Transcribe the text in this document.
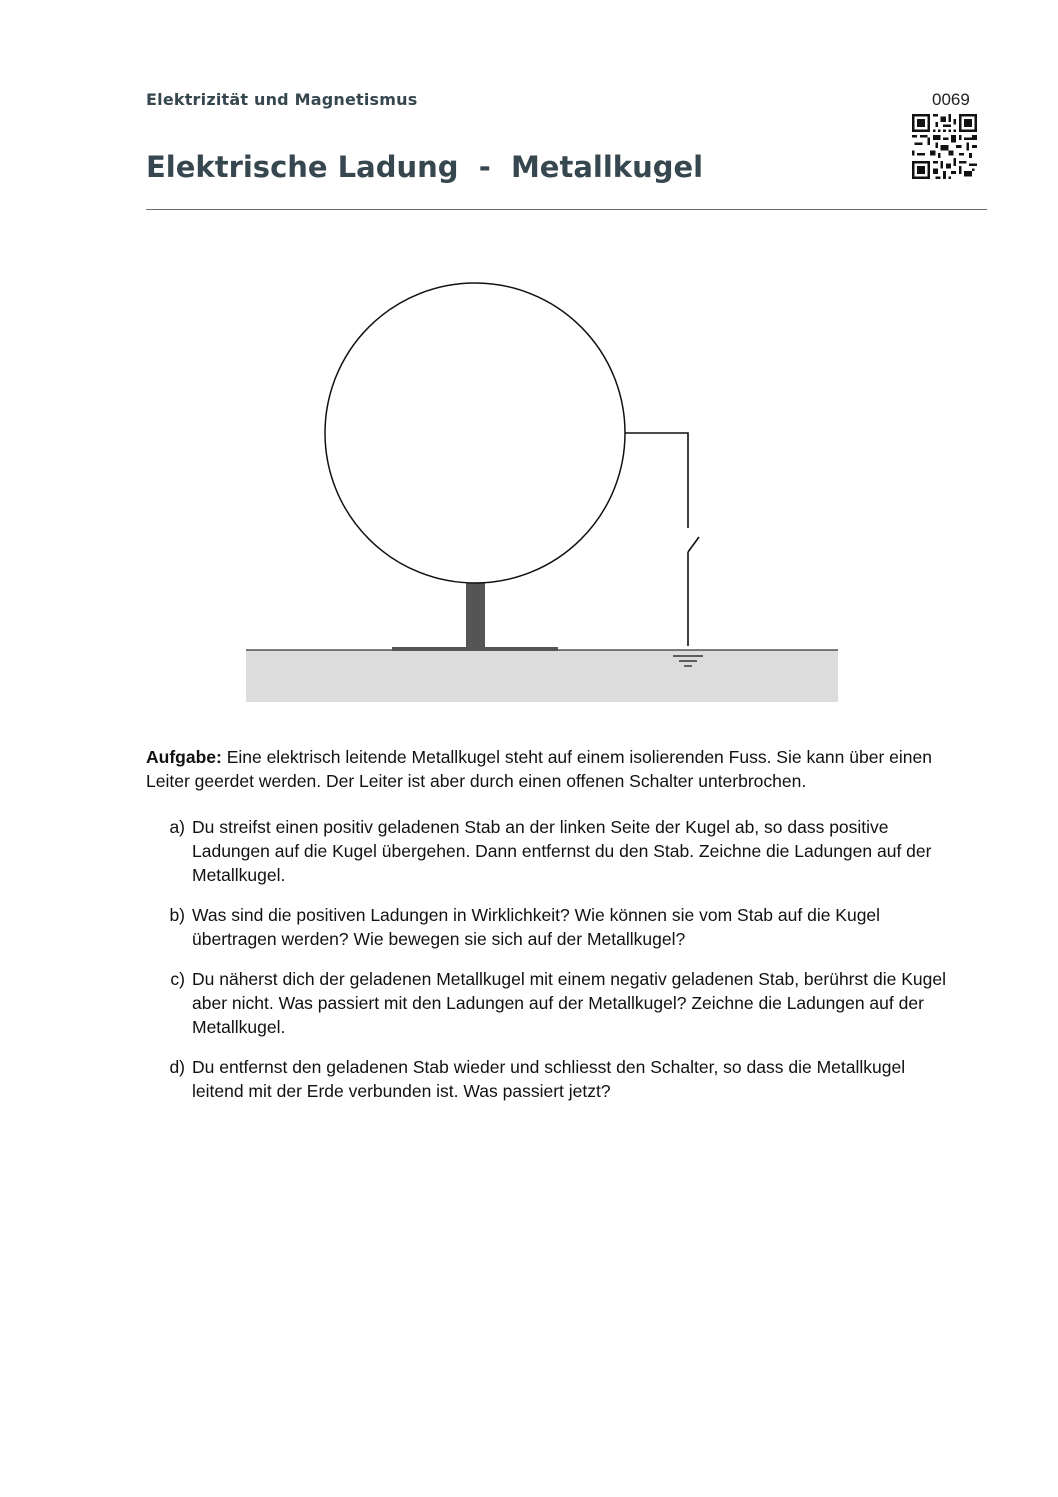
Elektrizität und Magnetismus	0069
Elektrische Ladung  -  Metallkugel
Aufgabe: Eine elektrisch leitende Metallkugel steht auf einem isolierenden Fuss. Sie kann über einen Leiter geerdet werden. Der Leiter ist aber durch einen offenen Schalter unterbrochen.
a) Du streifst einen positiv geladenen Stab an der linken Seite der Kugel ab, so dass positive Ladungen auf die Kugel übergehen. Dann entfernst du den Stab. Zeichne die Ladungen auf der Metallkugel.
b) Was sind die positiven Ladungen in Wirklichkeit? Wie können sie vom Stab auf die Kugel übertragen werden? Wie bewegen sie sich auf der Metallkugel?
c) Du näherst dich der geladenen Metallkugel mit einem negativ geladenen Stab, berührst die Kugel aber nicht. Was passiert mit den Ladungen auf der Metallkugel? Zeichne die Ladungen auf der Metallkugel.
d) Du entfernst den geladenen Stab wieder und schliesst den Schalter, so dass die Metallkugel leitend mit der Erde verbunden ist. Was passiert jetzt?
